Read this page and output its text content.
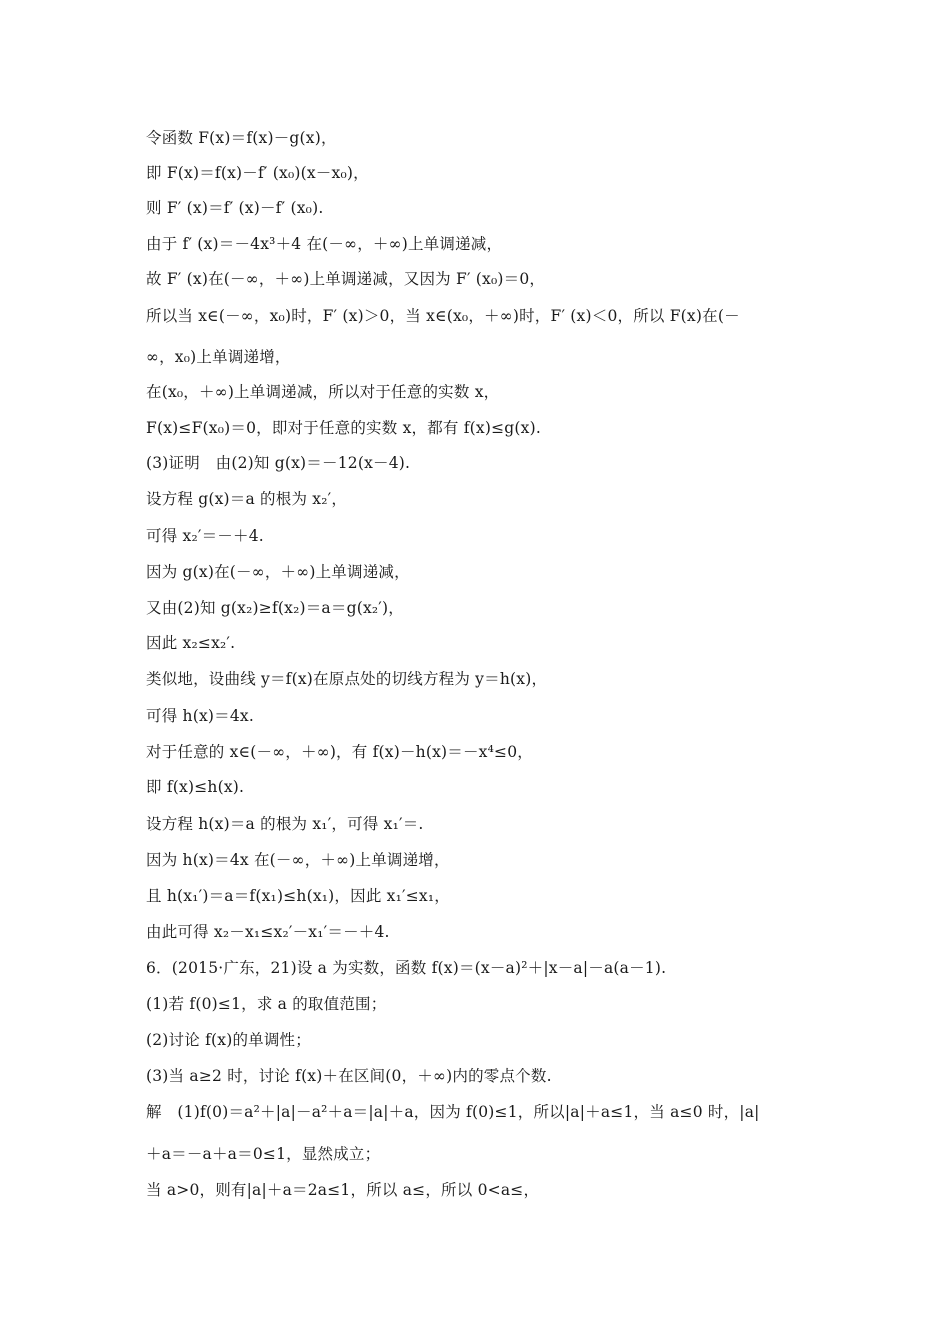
令函数 F(x)＝f(x)－g(x)，
即 F(x)＝f(x)－f′ (x₀)(x－x₀)，
则 F′ (x)＝f′ (x)－f′ (x₀).
由于 f′ (x)＝－4x³＋4 在(－∞，＋∞)上单调递减，
故 F′ (x)在(－∞，＋∞)上单调递减，又因为 F′ (x₀)＝0，
所以当 x∈(－∞，x₀)时，F′ (x)＞0，当 x∈(x₀，＋∞)时，F′ (x)＜0，所以 F(x)在(－
∞，x₀)上单调递增，
在(x₀，＋∞)上单调递减，所以对于任意的实数 x，
F(x)≤F(x₀)＝0，即对于任意的实数 x，都有 f(x)≤g(x).
(3)证明　由(2)知 g(x)＝－12(x－4).
设方程 g(x)＝a 的根为 x₂′，
可得 x₂′＝－＋4.
因为 g(x)在(－∞，＋∞)上单调递减，
又由(2)知 g(x₂)≥f(x₂)＝a＝g(x₂′)，
因此 x₂≤x₂′.
类似地，设曲线 y＝f(x)在原点处的切线方程为 y＝h(x)，
可得 h(x)＝4x.
对于任意的 x∈(－∞，＋∞)，有 f(x)－h(x)＝－x⁴≤0，
即 f(x)≤h(x).
设方程 h(x)＝a 的根为 x₁′，可得 x₁′＝.
因为 h(x)＝4x 在(－∞，＋∞)上单调递增，
且 h(x₁′)＝a＝f(x₁)≤h(x₁)，因此 x₁′≤x₁，
由此可得 x₂－x₁≤x₂′－x₁′＝－＋4.
6．(2015·广东，21)设 a 为实数，函数 f(x)＝(x－a)²＋|x－a|－a(a－1).
(1)若 f(0)≤1，求 a 的取值范围；
(2)讨论 f(x)的单调性；
(3)当 a≥2 时，讨论 f(x)＋在区间(0，＋∞)内的零点个数.
解　(1)f(0)＝a²＋|a|－a²＋a＝|a|＋a，因为 f(0)≤1，所以|a|＋a≤1，当 a≤0 时，|a|
＋a＝－a＋a＝0≤1，显然成立；
当 a>0，则有|a|＋a＝2a≤1，所以 a≤，所以 0<a≤，
